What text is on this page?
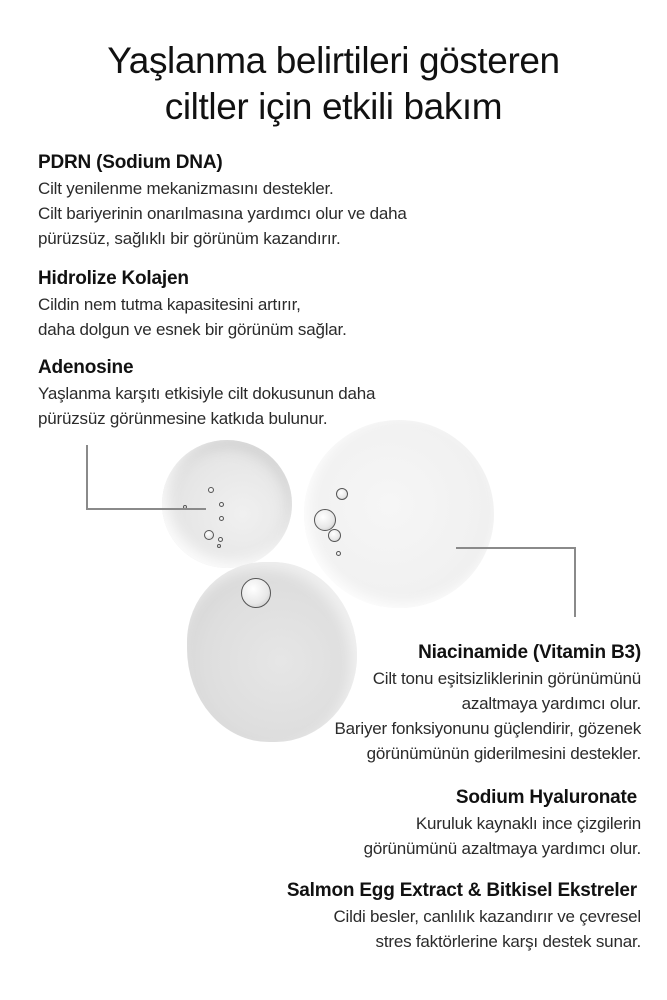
Yaşlanma belirtileri gösteren
ciltler için etkili bakım
PDRN (Sodium DNA)
Cilt yenilenme mekanizmasını destekler.
Cilt bariyerinin onarılmasına yardımcı olur ve daha
pürüzsüz, sağlıklı bir görünüm kazandırır.
Hidrolize Kolajen
Cildin nem tutma kapasitesini artırır,
daha dolgun ve esnek bir görünüm sağlar.
Adenosine
Yaşlanma karşıtı etkisiyle cilt dokusunun daha
pürüzsüz görünmesine katkıda bulunur.
Niacinamide (Vitamin B3)
Cilt tonu eşitsizliklerinin görünümünü
azaltmaya yardımcı olur.
Bariyer fonksiyonunu güçlendirir, gözenek
görünümünün giderilmesini destekler.
Sodium Hyaluronate
Kuruluk kaynaklı ince çizgilerin
görünümünü azaltmaya yardımcı olur.
Salmon Egg Extract & Bitkisel Ekstreler
Cildi besler, canlılık kazandırır ve çevresel
stres faktörlerine karşı destek sunar.
